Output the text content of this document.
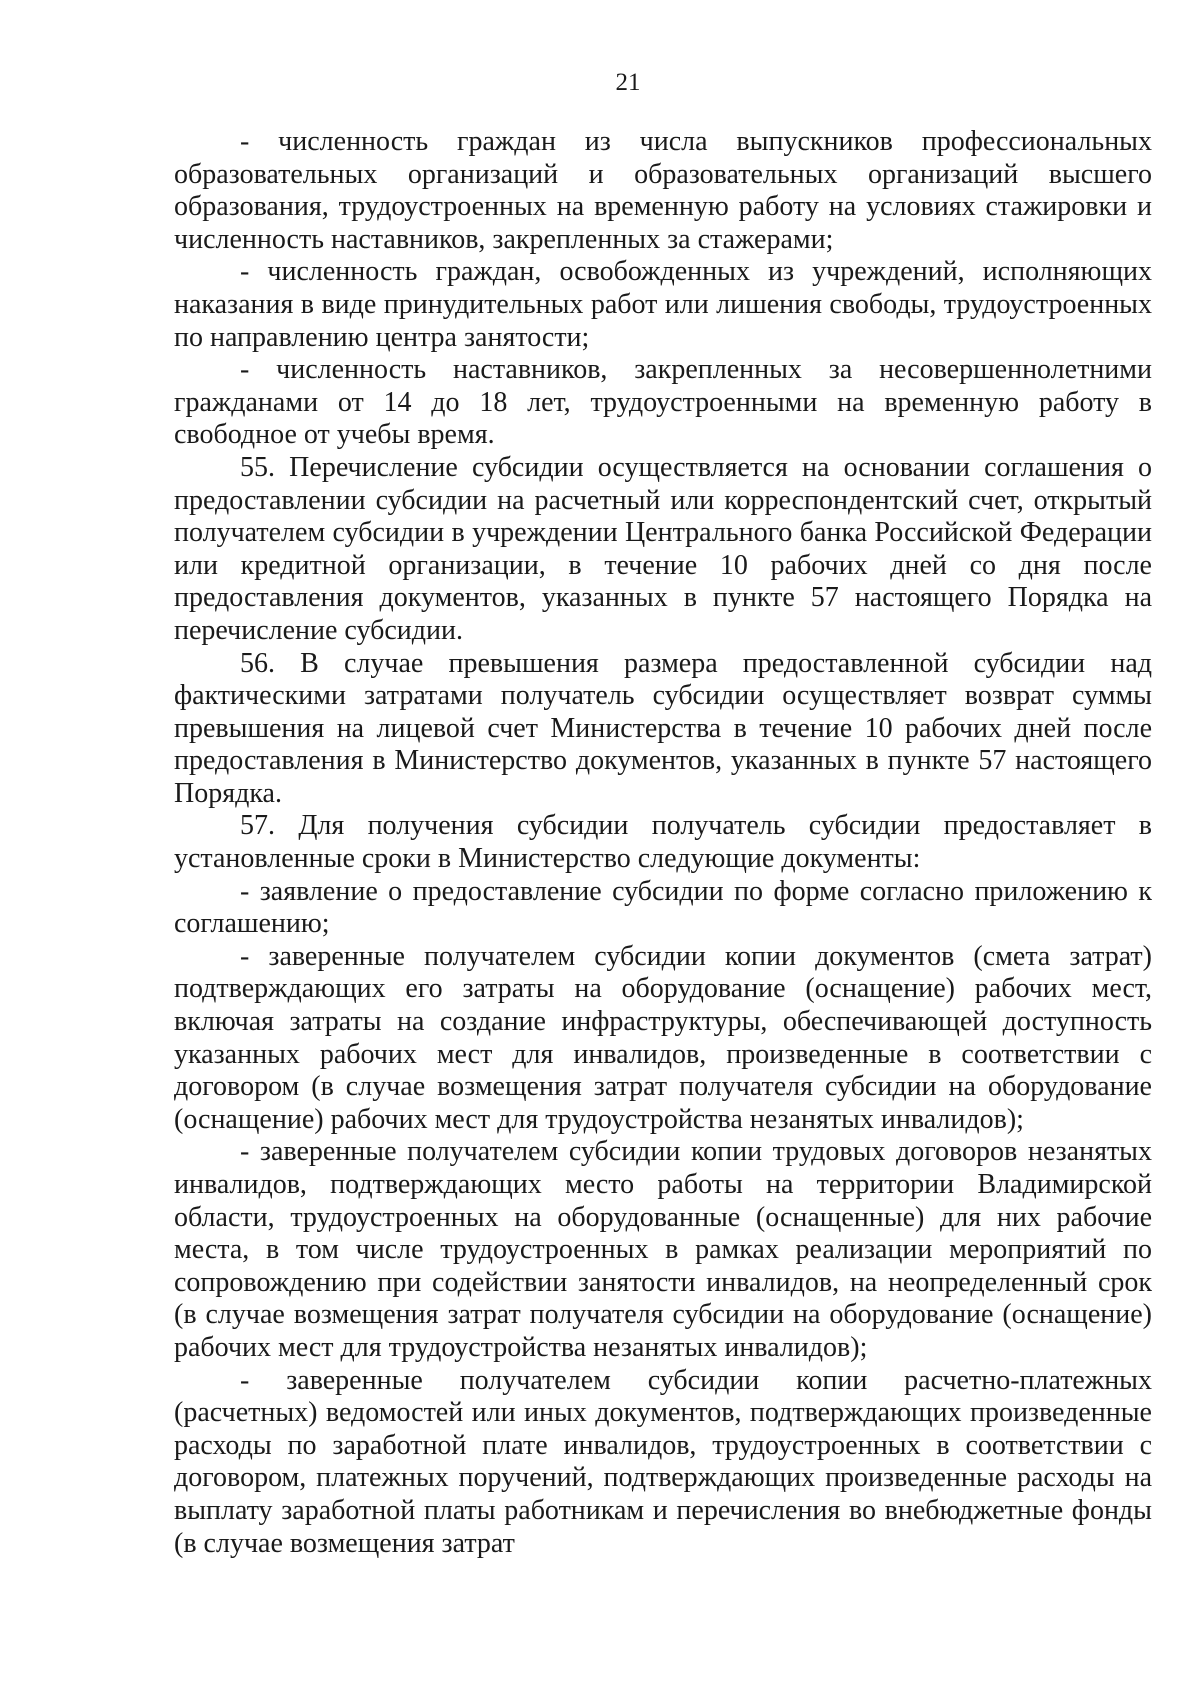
21

- численность граждан из числа выпускников профессиональных образовательных организаций и образовательных организаций высшего образования, трудоустроенных на временную работу на условиях стажировки и численность наставников, закрепленных за стажерами;

- численность граждан, освобожденных из учреждений, исполняющих наказания в виде принудительных работ или лишения свободы, трудоустроенных по направлению центра занятости;

- численность наставников, закрепленных за несовершеннолетними гражданами от 14 до 18 лет, трудоустроенными на временную работу в свободное от учебы время.

55. Перечисление субсидии осуществляется на основании соглашения о предоставлении субсидии на расчетный или корреспондентский счет, открытый получателем субсидии в учреждении Центрального банка Российской Федерации или кредитной организации, в течение 10 рабочих дней со дня после предоставления документов, указанных в пункте 57 настоящего Порядка на перечисление субсидии.

56. В случае превышения размера предоставленной субсидии над фактическими затратами получатель субсидии осуществляет возврат суммы превышения на лицевой счет Министерства в течение 10 рабочих дней после предоставления в Министерство документов, указанных в пункте 57 настоящего Порядка.

57. Для получения субсидии получатель субсидии предоставляет в установленные сроки в Министерство следующие документы:

- заявление о предоставление субсидии по форме согласно приложению к соглашению;

- заверенные получателем субсидии копии документов (смета затрат) подтверждающих его затраты на оборудование (оснащение) рабочих мест, включая затраты на создание инфраструктуры, обеспечивающей доступность указанных рабочих мест для инвалидов, произведенные в соответствии с договором (в случае возмещения затрат получателя субсидии на оборудование (оснащение) рабочих мест для трудоустройства незанятых инвалидов);

- заверенные получателем субсидии копии трудовых договоров незанятых инвалидов, подтверждающих место работы на территории Владимирской области, трудоустроенных на оборудованные (оснащенные) для них рабочие места, в том числе трудоустроенных в рамках реализации мероприятий по сопровождению при содействии занятости инвалидов, на неопределенный срок (в случае возмещения затрат получателя субсидии на оборудование (оснащение) рабочих мест для трудоустройства незанятых инвалидов);

- заверенные получателем субсидии копии расчетно-платежных (расчетных) ведомостей или иных документов, подтверждающих произведенные расходы по заработной плате инвалидов, трудоустроенных в соответствии с договором, платежных поручений, подтверждающих произведенные расходы на выплату заработной платы работникам и перечисления во внебюджетные фонды (в случае возмещения затрат
